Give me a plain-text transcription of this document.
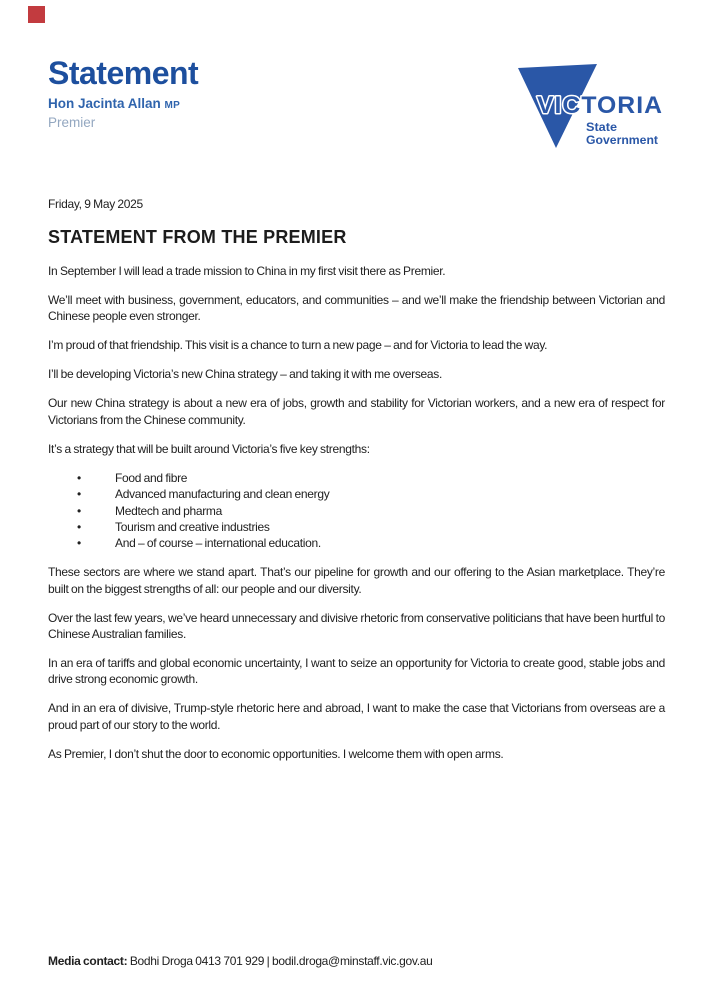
Statement
Hon Jacinta Allan MP
Premier
VICTORIA
State
Government

Friday, 9 May 2025

STATEMENT FROM THE PREMIER

In September I will lead a trade mission to China in my first visit there as Premier.

We’ll meet with business, government, educators, and communities – and we’ll make the friendship between Victorian and Chinese people even stronger.

I’m proud of that friendship. This visit is a chance to turn a new page – and for Victoria to lead the way.

I’ll be developing Victoria’s new China strategy – and taking it with me overseas.

Our new China strategy is about a new era of jobs, growth and stability for Victorian workers, and a new era of respect for Victorians from the Chinese community.

It’s a strategy that will be built around Victoria’s five key strengths:

• Food and fibre
• Advanced manufacturing and clean energy
• Medtech and pharma
• Tourism and creative industries
• And – of course – international education.

These sectors are where we stand apart. That’s our pipeline for growth and our offering to the Asian marketplace. They’re built on the biggest strengths of all: our people and our diversity.

Over the last few years, we’ve heard unnecessary and divisive rhetoric from conservative politicians that have been hurtful to Chinese Australian families.

In an era of tariffs and global economic uncertainty, I want to seize an opportunity for Victoria to create good, stable jobs and drive strong economic growth.

And in an era of divisive, Trump-style rhetoric here and abroad, I want to make the case that Victorians from overseas are a proud part of our story to the world.

As Premier, I don’t shut the door to economic opportunities. I welcome them with open arms.

Media contact: Bodhi Droga 0413 701 929 | bodil.droga@minstaff.vic.gov.au
